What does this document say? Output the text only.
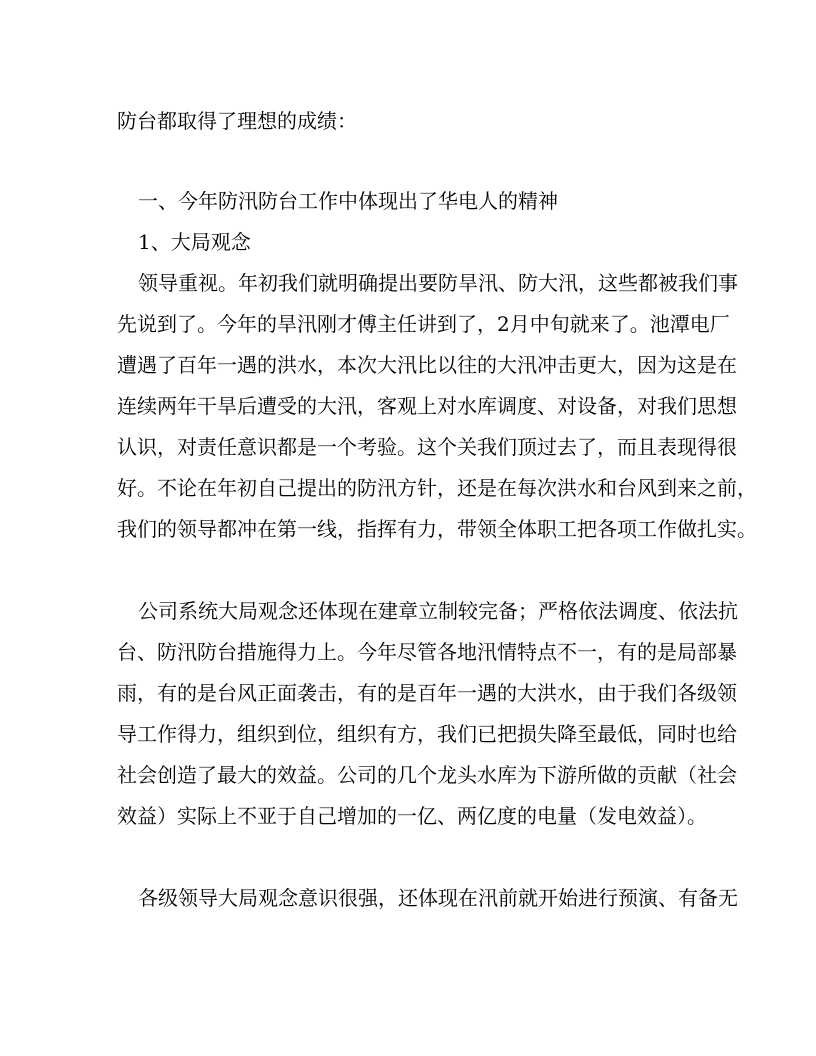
防台都取得了理想的成绩：
一、今年防汛防台工作中体现出了华电人的精神
1、大局观念
领导重视。年初我们就明确提出要防旱汛、防大汛，这些都被我们事
先说到了。今年的旱汛刚才傅主任讲到了，2月中旬就来了。池潭电厂
遭遇了百年一遇的洪水，本次大汛比以往的大汛冲击更大，因为这是在
连续两年干旱后遭受的大汛，客观上对水库调度、对设备，对我们思想
认识，对责任意识都是一个考验。这个关我们顶过去了，而且表现得很
好。不论在年初自己提出的防汛方针，还是在每次洪水和台风到来之前，
我们的领导都冲在第一线，指挥有力，带领全体职工把各项工作做扎实。
公司系统大局观念还体现在建章立制较完备；严格依法调度、依法抗
台、防汛防台措施得力上。今年尽管各地汛情特点不一，有的是局部暴
雨，有的是台风正面袭击，有的是百年一遇的大洪水，由于我们各级领
导工作得力，组织到位，组织有方，我们已把损失降至最低，同时也给
社会创造了最大的效益。公司的几个龙头水库为下游所做的贡献（社会
效益）实际上不亚于自己增加的一亿、两亿度的电量（发电效益）。
各级领导大局观念意识很强，还体现在汛前就开始进行预演、有备无
